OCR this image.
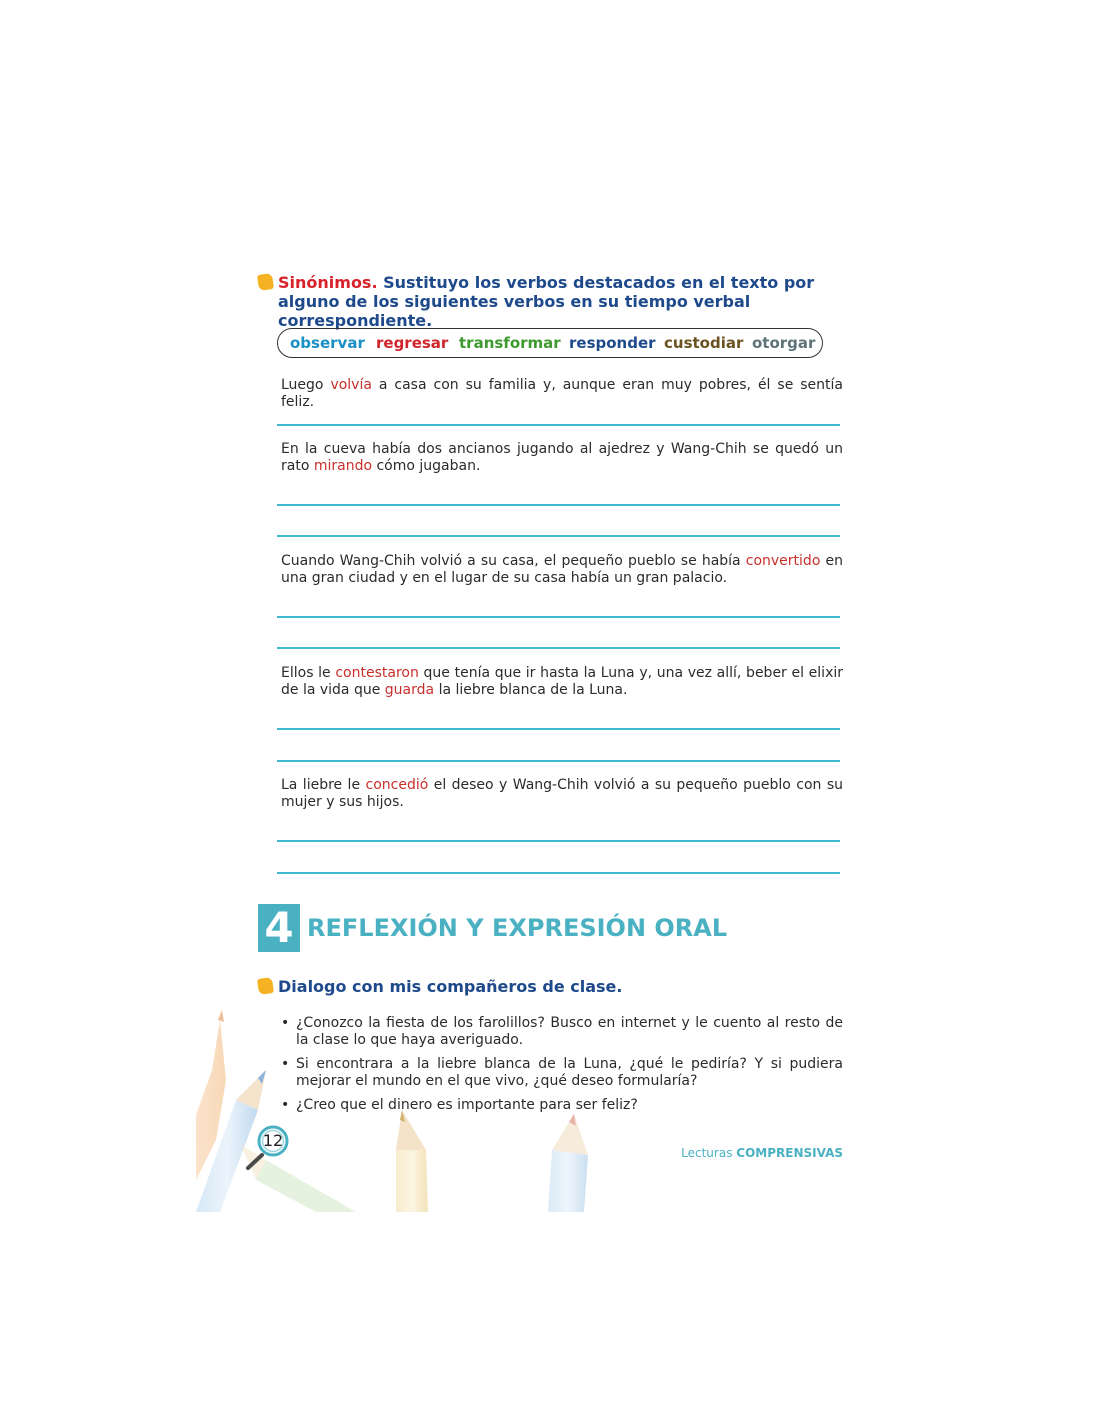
Sinónimos. Sustituyo los verbos destacados en el texto por alguno de los siguientes verbos en su tiempo verbal correspondiente.
observar regresar transformar responder custodiar otorgar
Luego volvía a casa con su familia y, aunque eran muy pobres, él se sentía feliz.
En la cueva había dos ancianos jugando al ajedrez y Wang-Chih se quedó un rato mirando cómo jugaban.
Cuando Wang-Chih volvió a su casa, el pequeño pueblo se había convertido en una gran ciudad y en el lugar de su casa había un gran palacio.
Ellos le contestaron que tenía que ir hasta la Luna y, una vez allí, beber el elixir de la vida que guarda la liebre blanca de la Luna.
La liebre le concedió el deseo y Wang-Chih volvió a su pequeño pueblo con su mujer y sus hijos.
4 REFLEXIÓN Y EXPRESIÓN ORAL
Dialogo con mis compañeros de clase.
• ¿Conozco la fiesta de los farolillos? Busco en internet y le cuento al resto de la clase lo que haya averiguado.
• Si encontrara a la liebre blanca de la Luna, ¿qué le pediría? Y si pudiera mejorar el mundo en el que vivo, ¿qué deseo formularía?
• ¿Creo que el dinero es importante para ser feliz?
12
Lecturas COMPRENSIVAS
